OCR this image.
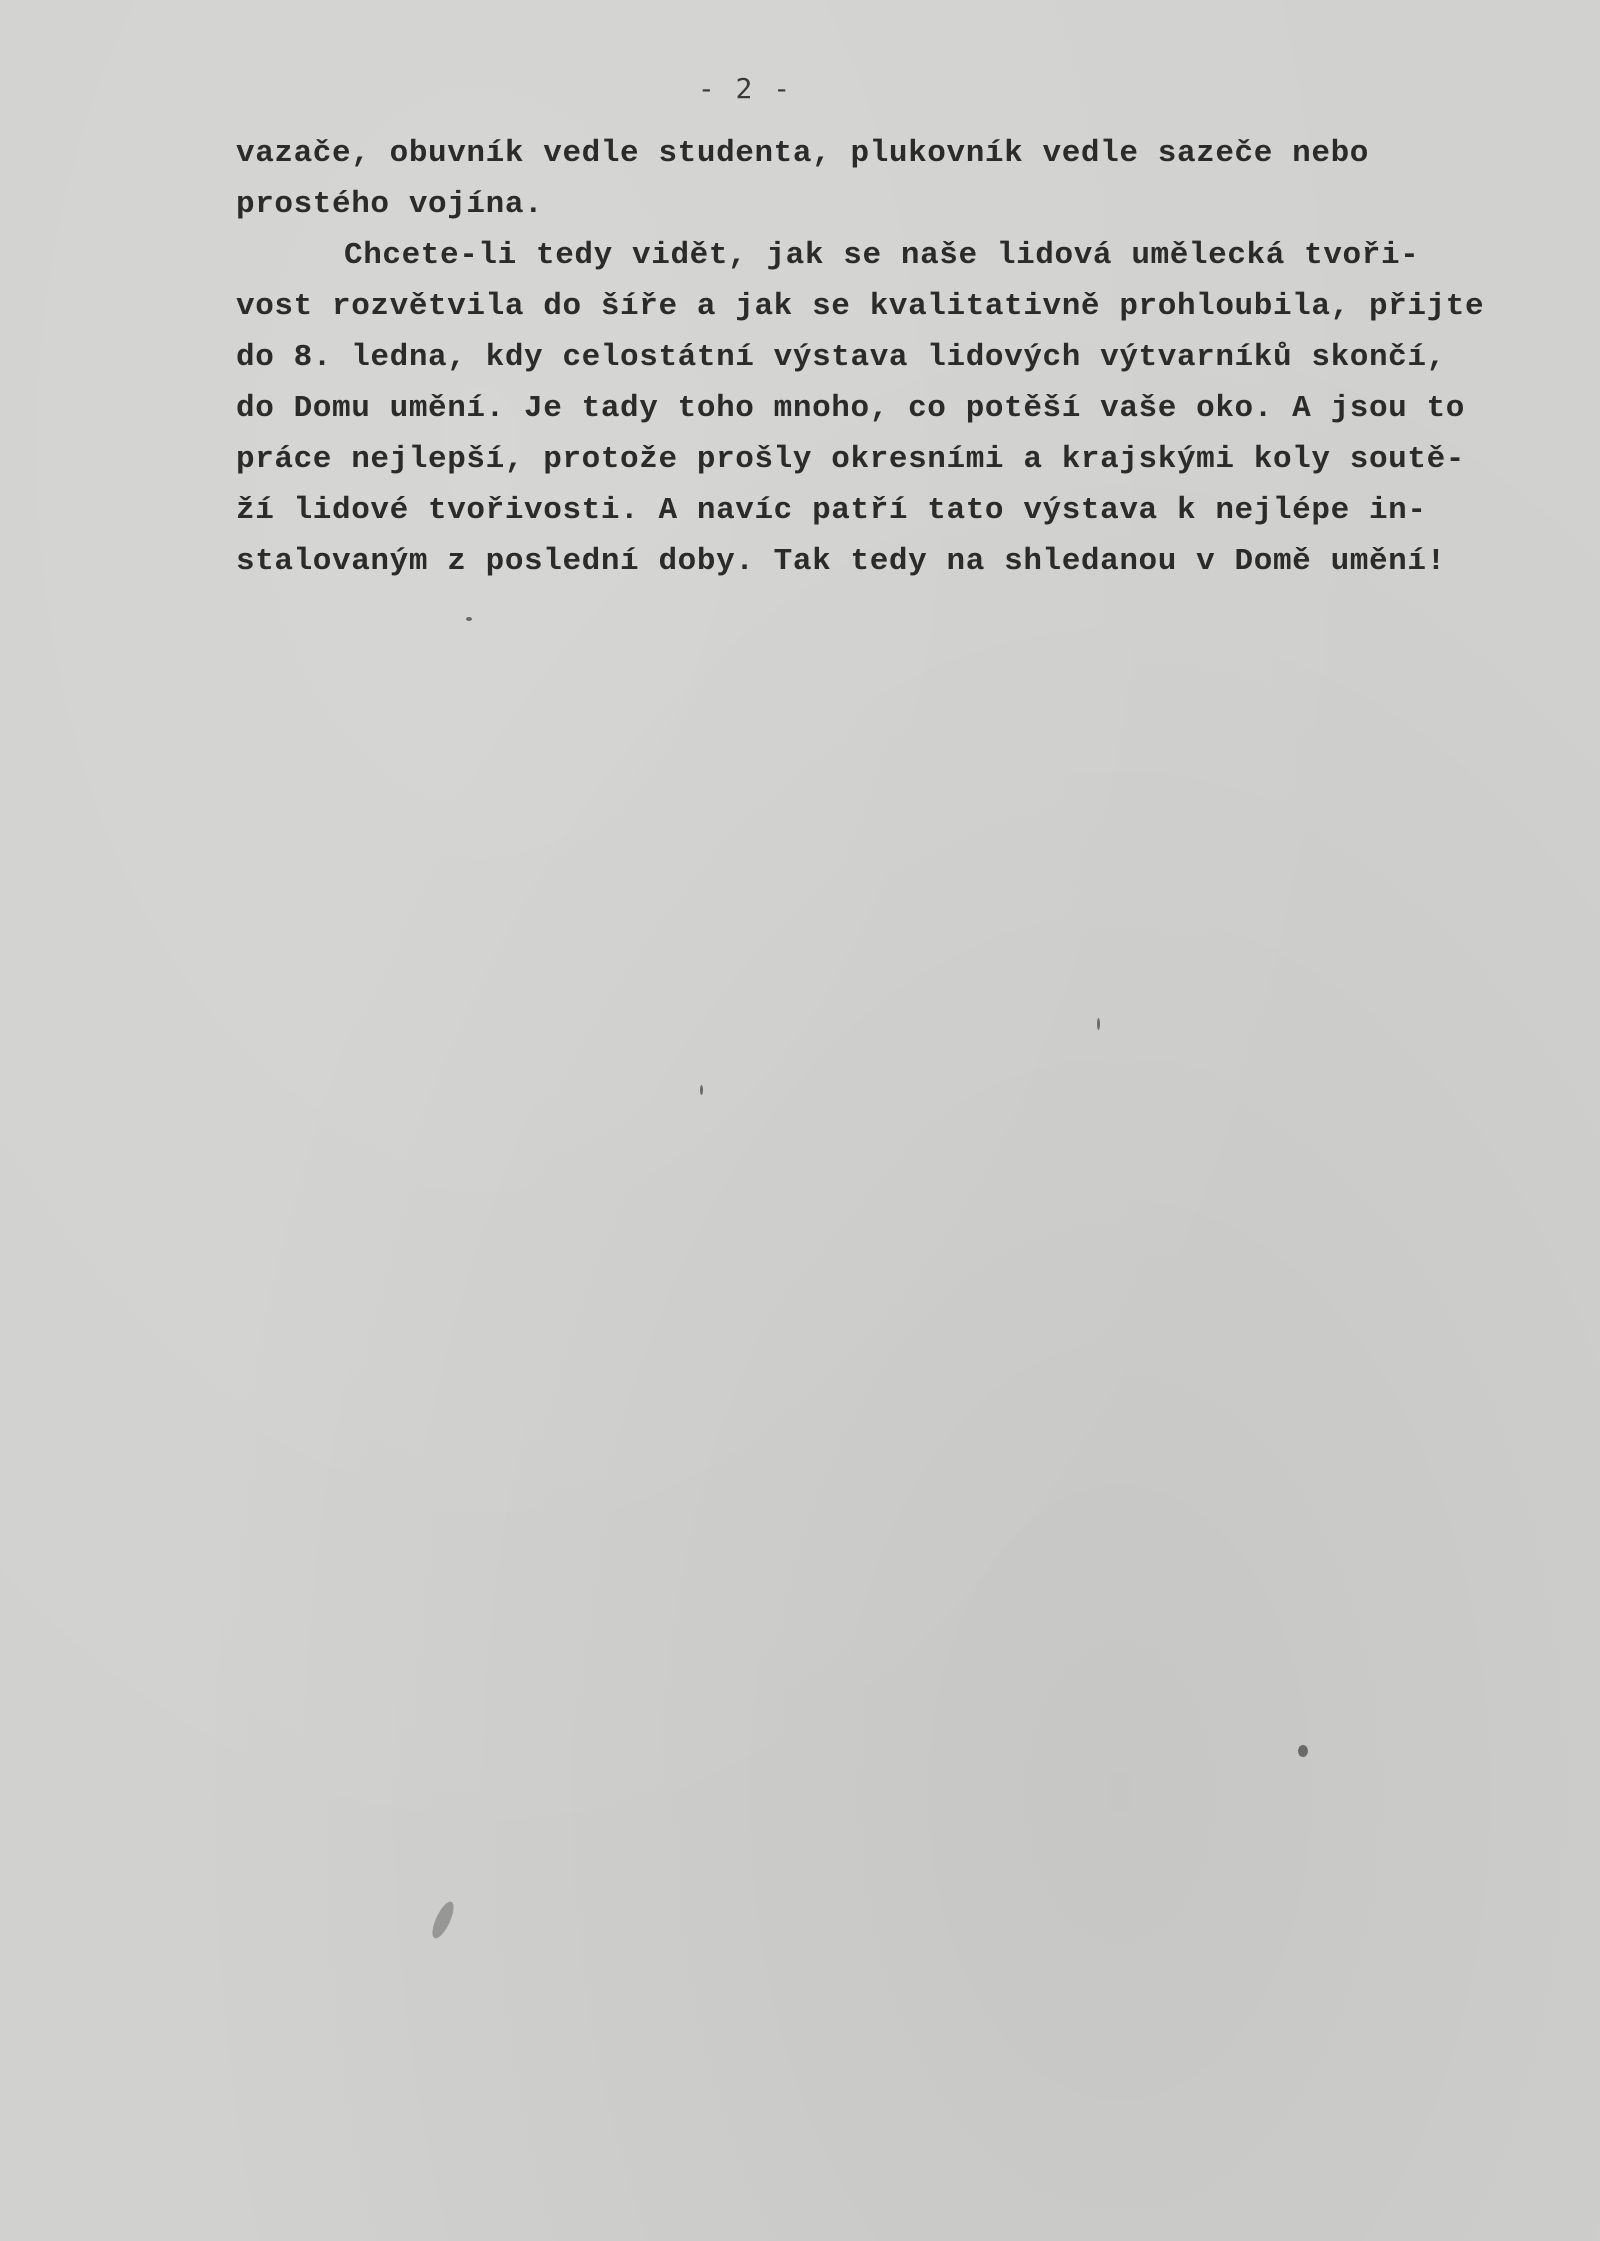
- 2 -
vazače, obuvník vedle studenta, plukovník vedle sazeče nebo
prostého vojína.
Chcete-li tedy vidět, jak se naše lidová umělecká tvoři-
vost rozvětvila do šíře a jak se kvalitativně prohloubila, přijte
do 8. ledna, kdy celostátní výstava lidových výtvarníků skončí,
do Domu umění. Je tady toho mnoho, co potěší vaše oko. A jsou to
práce nejlepší, protože prošly okresními a krajskými koly soutě-
ží lidové tvořivosti. A navíc patří tato výstava k nejlépe in-
stalovaným z poslední doby. Tak tedy na shledanou v Domě umění!
